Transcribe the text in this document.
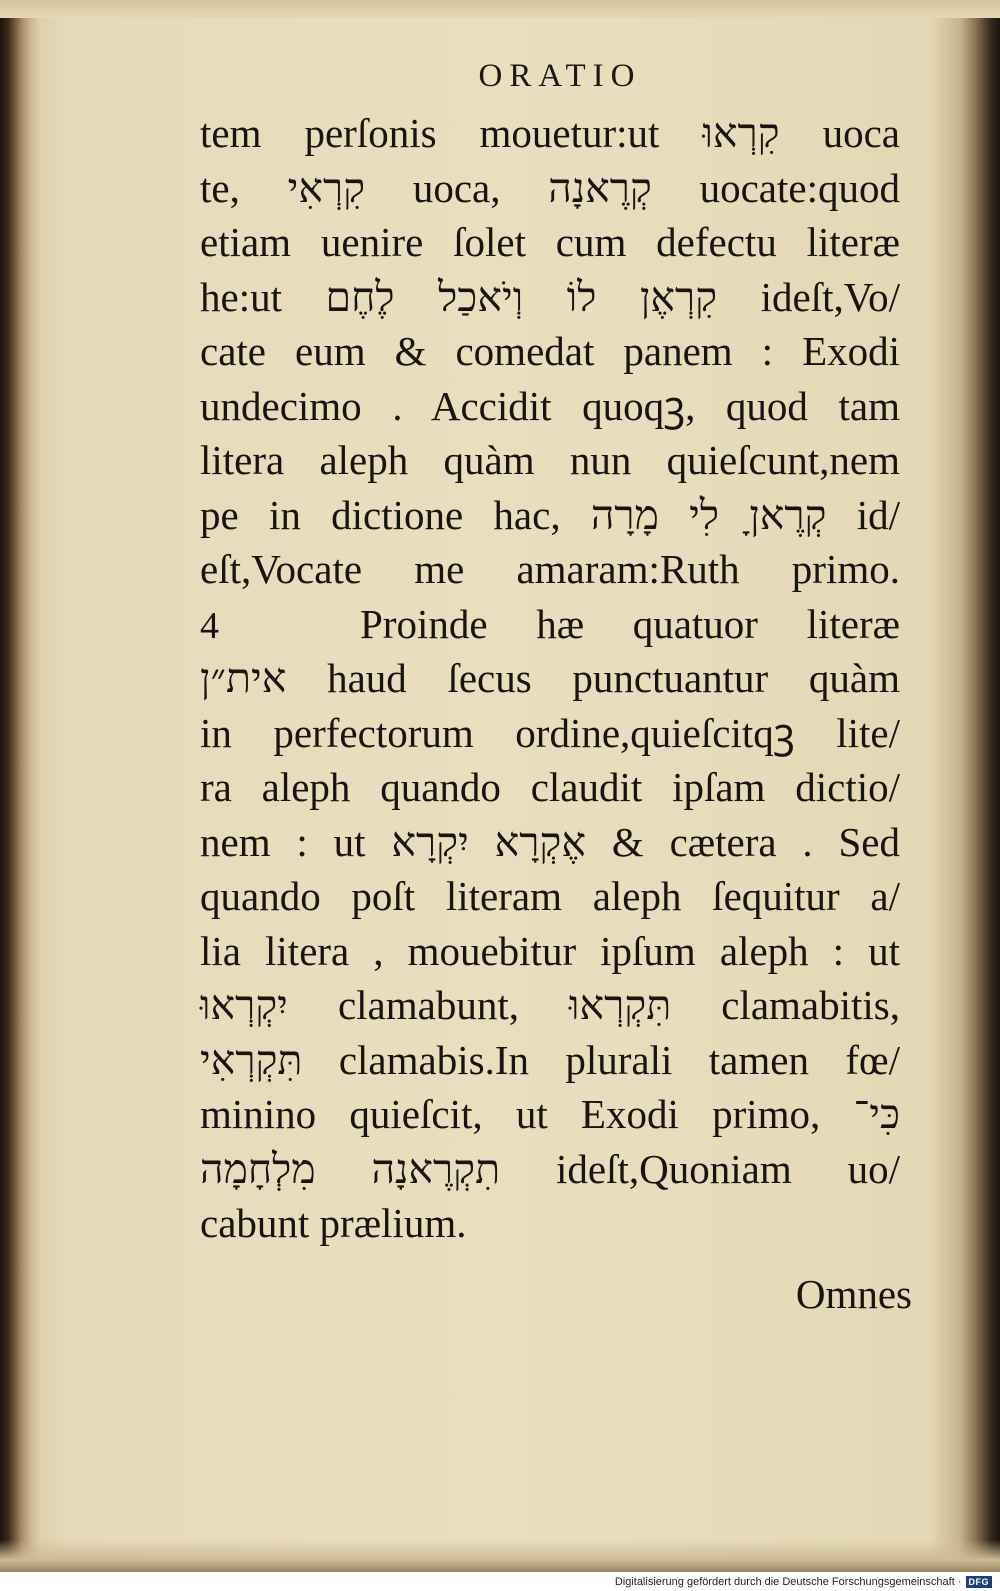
ORATIO
tem perſonis mouetur:ut קִרְאוּ uoca
te, קִרְאִי uoca, קְרֶאנָה uocate:quod
etiam uenire ſolet cum defectu literæ
he:ut קִרְאֶן לוֹ וְיֹאכַל לֶחֶם ideſt,Vo/
cate eum & comedat panem : Exodi
undecimo . Accidit quoqꝫ, quod tam
litera aleph quàm nun quieſcunt,nem
pe in dictione hac, קְרֶאןָ לִי מָרָה id/
eſt,Vocate me amaram:Ruth primo.
4	Proinde hæ quatuor literæ
אית״ן haud ſecus punctuantur quàm
in perfectorum ordine,quieſcitqꝫ lite/
ra aleph quando claudit ipſam dictio/
nem : ut אֶקְרָא יִקְרָא & cætera . Sed
quando poſt literam aleph ſequitur a/
lia litera , mouebitur ipſum aleph : ut
יִקְרְאוּ clamabunt, תִּקְרְאוּ clamabitis,
תִּקְרְאִי clamabis.In plurali tamen fœ/
minino quieſcit, ut Exodi primo, כִּי־
תִקְרֶאנָה מִלְחָמָה ideſt,Quoniam uo/
cabunt prælium.
Omnes
Digitalisierung gefördert durch die Deutsche Forschungsgemeinschaft · DFG
